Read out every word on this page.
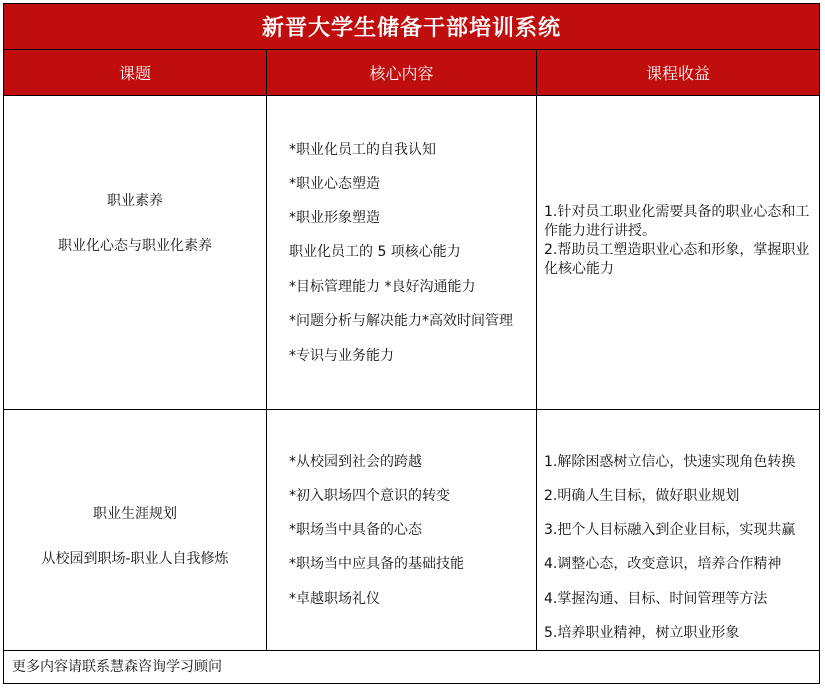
新晋大学生储备干部培训系统
课题	核心内容	课程收益
职业素养
职业化心态与职业化素养
*职业化员工的自我认知
*职业心态塑造
*职业形象塑造
职业化员工的 5 项核心能力
*目标管理能力 *良好沟通能力
*问题分析与解决能力*高效时间管理
*专识与业务能力
1.针对员工职业化需要具备的职业心态和工作能力进行讲授。
2.帮助员工塑造职业心态和形象，掌握职业化核心能力
职业生涯规划
从校园到职场-职业人自我修炼
*从校园到社会的跨越
*初入职场四个意识的转变
*职场当中具备的心态
*职场当中应具备的基础技能
*卓越职场礼仪
1.解除困惑树立信心，快速实现角色转换
2.明确人生目标，做好职业规划
3.把个人目标融入到企业目标，实现共赢
4.调整心态，改变意识，培养合作精神
4.掌握沟通、目标、时间管理等方法
5.培养职业精神，树立职业形象
更多内容请联系慧森咨询学习顾问
